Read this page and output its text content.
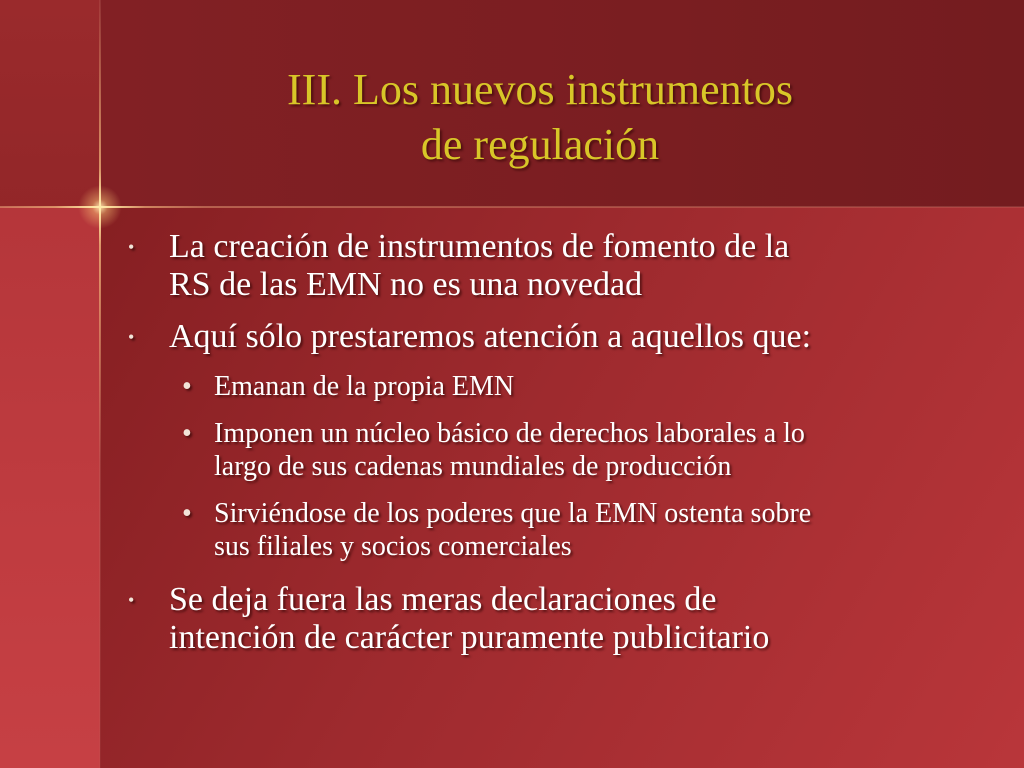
III. Los nuevos instrumentos
de regulación
• La creación de instrumentos de fomento de la
RS de las EMN no es una novedad
• Aquí sólo prestaremos atención a aquellos que:
• Emanan de la propia EMN
• Imponen un núcleo básico de derechos laborales a lo
largo de sus cadenas mundiales de producción
• Sirviéndose de los poderes que la EMN ostenta sobre
sus filiales y socios comerciales
• Se deja fuera las meras declaraciones de
intención de carácter puramente publicitario
